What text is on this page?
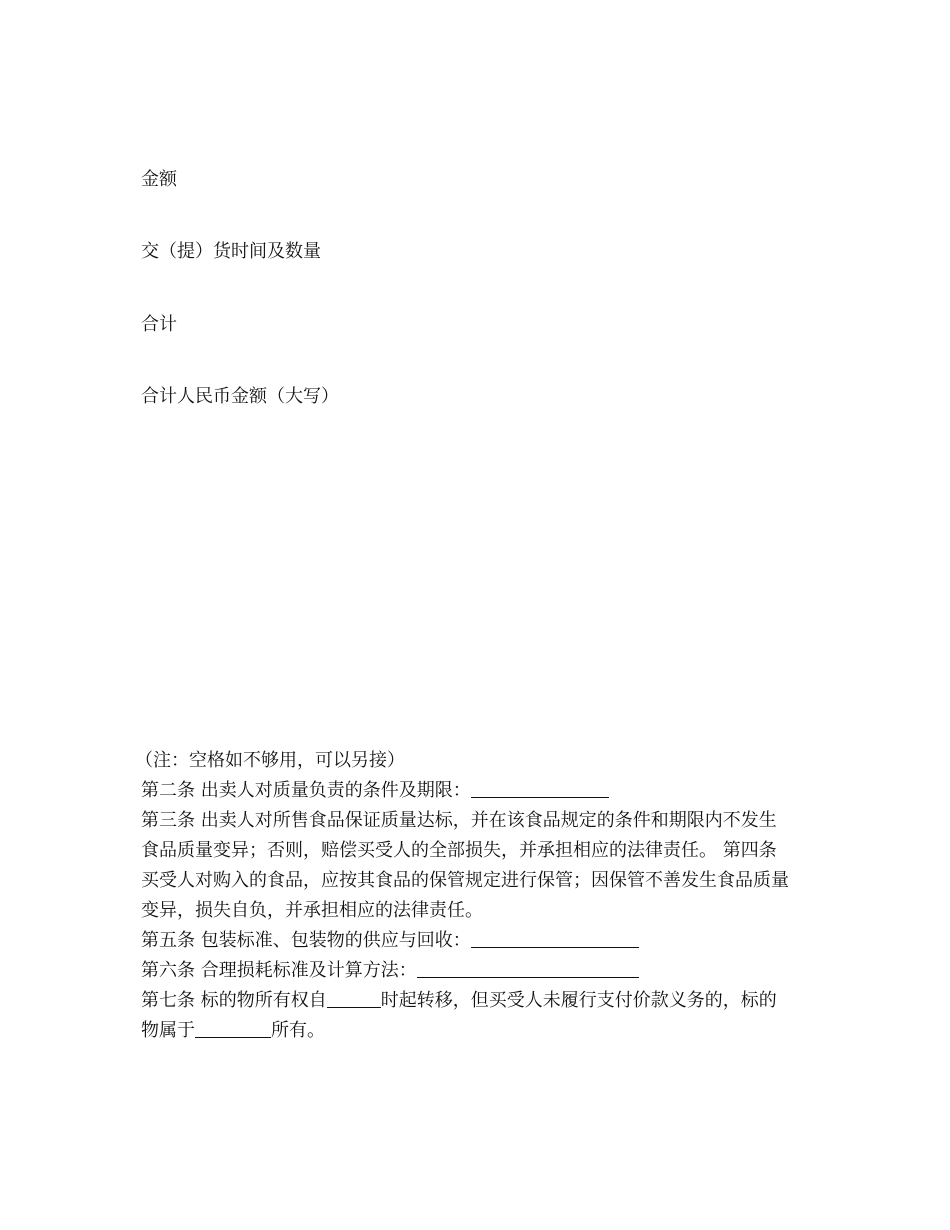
金额
交（提）货时间及数量
合计
合计人民币金额（大写）

（注：空格如不够用，可以另接）

第二条 出卖人对质量负责的条件及期限：

第三条 出卖人对所售食品保证质量达标，并在该食品规定的条件和期限内不发生

食品质量变异；否则，赔偿买受人的全部损失，并承担相应的法律责任。 第四条

买受人对购入的食品，应按其食品的保管规定进行保管；因保管不善发生食品质量

变异，损失自负，并承担相应的法律责任。

第五条 包装标准、包装物的供应与回收：

第六条 合理损耗标准及计算方法：

第七条 标的物所有权自	时起转移，但买受人未履行支付价款义务的，标的

物属于	所有。
